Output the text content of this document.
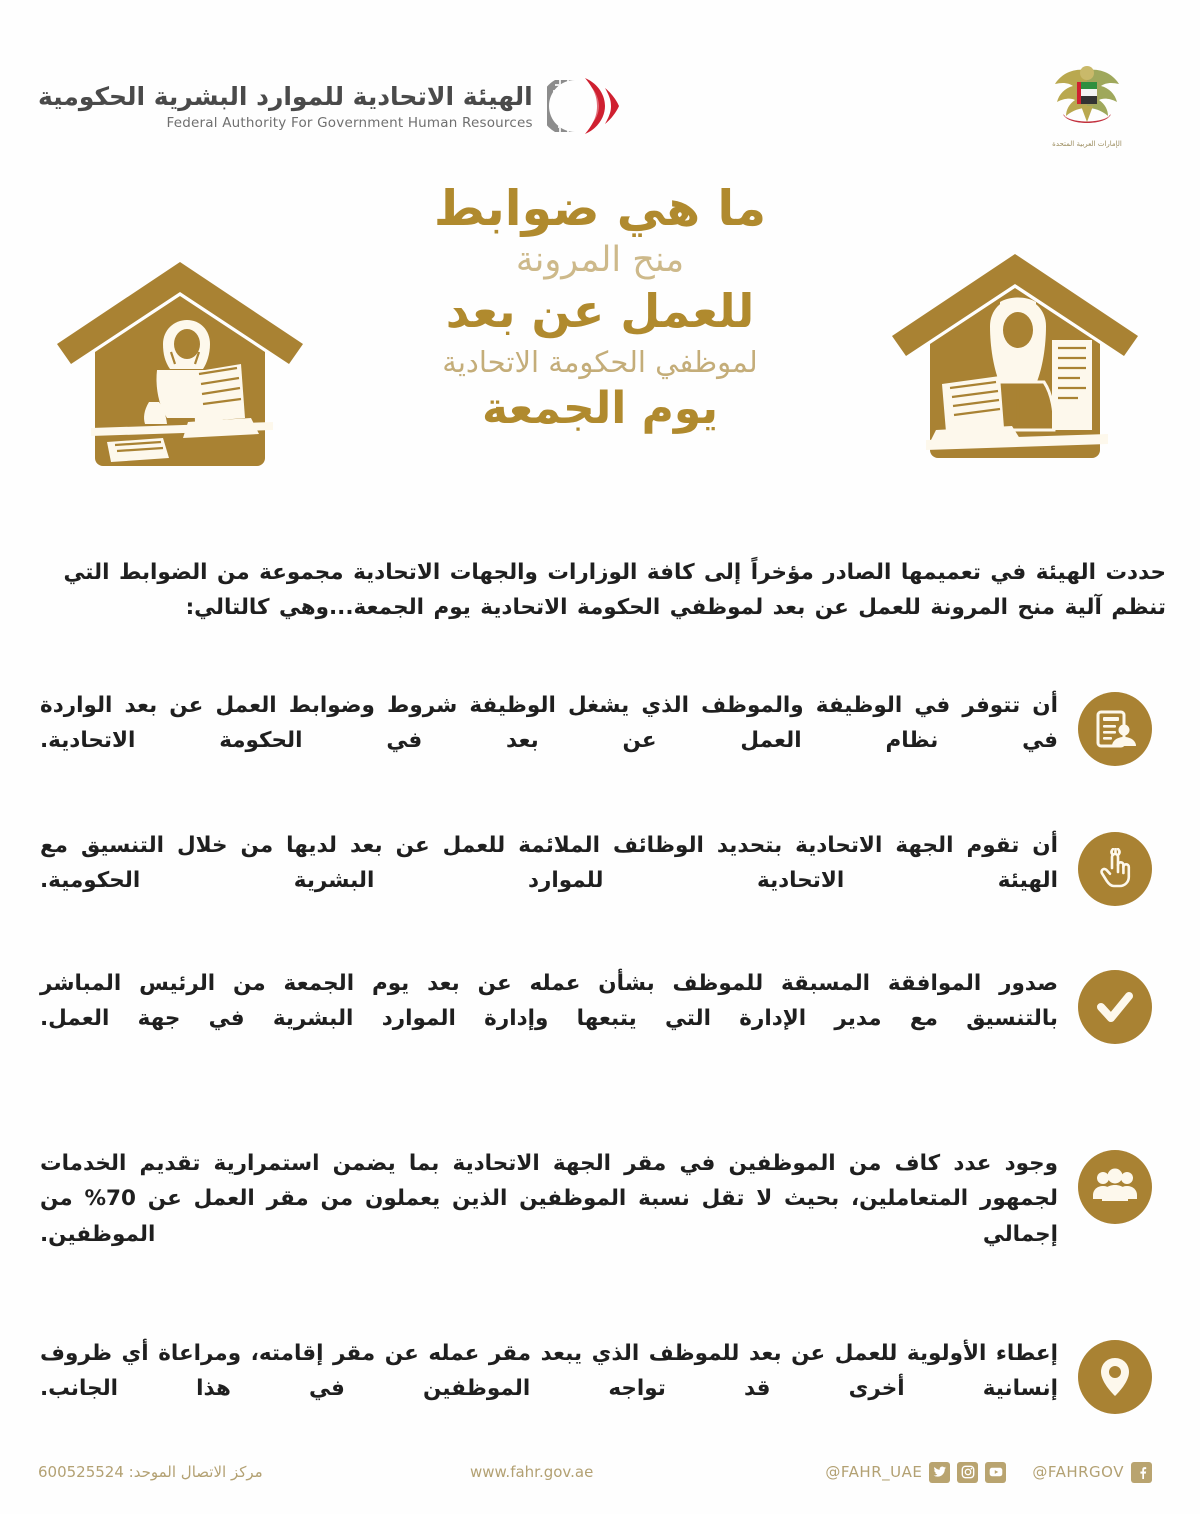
الهيئة الاتحادية للموارد البشرية الحكومية
Federal Authority For Government Human Resources
الإمارات العربية المتحدة
ما هي ضوابط
منح المرونة
للعمل عن بعد
لموظفي الحكومة الاتحادية
يوم الجمعة
حددت الهيئة في تعميمها الصادر مؤخراً إلى كافة الوزارات والجهات الاتحادية مجموعة من الضوابط التي تنظم آلية منح المرونة للعمل عن بعد لموظفي الحكومة الاتحادية يوم الجمعة...وهي كالتالي:
أن تتوفر في الوظيفة والموظف الذي يشغل الوظيفة شروط وضوابط العمل عن بعد الواردة في نظام العمل عن بعد في الحكومة الاتحادية.
أن تقوم الجهة الاتحادية بتحديد الوظائف الملائمة للعمل عن بعد لديها من خلال التنسيق مع الهيئة الاتحادية للموارد البشرية الحكومية.
صدور الموافقة المسبقة للموظف بشأن عمله عن بعد يوم الجمعة من الرئيس المباشر بالتنسيق مع مدير الإدارة التي يتبعها وإدارة الموارد البشرية في جهة العمل.
وجود عدد كاف من الموظفين في مقر الجهة الاتحادية بما يضمن استمرارية تقديم الخدمات لجمهور المتعاملين، بحيث لا تقل نسبة الموظفين الذين يعملون من مقر العمل عن 70% من إجمالي الموظفين.
إعطاء الأولوية للعمل عن بعد للموظف الذي يبعد مقر عمله عن مقر إقامته، ومراعاة أي ظروف إنسانية أخرى قد تواجه الموظفين في هذا الجانب.
مركز الاتصال الموحد: 600525524	www.fahr.gov.ae	@FAHR_UAE	@FAHRGOV
